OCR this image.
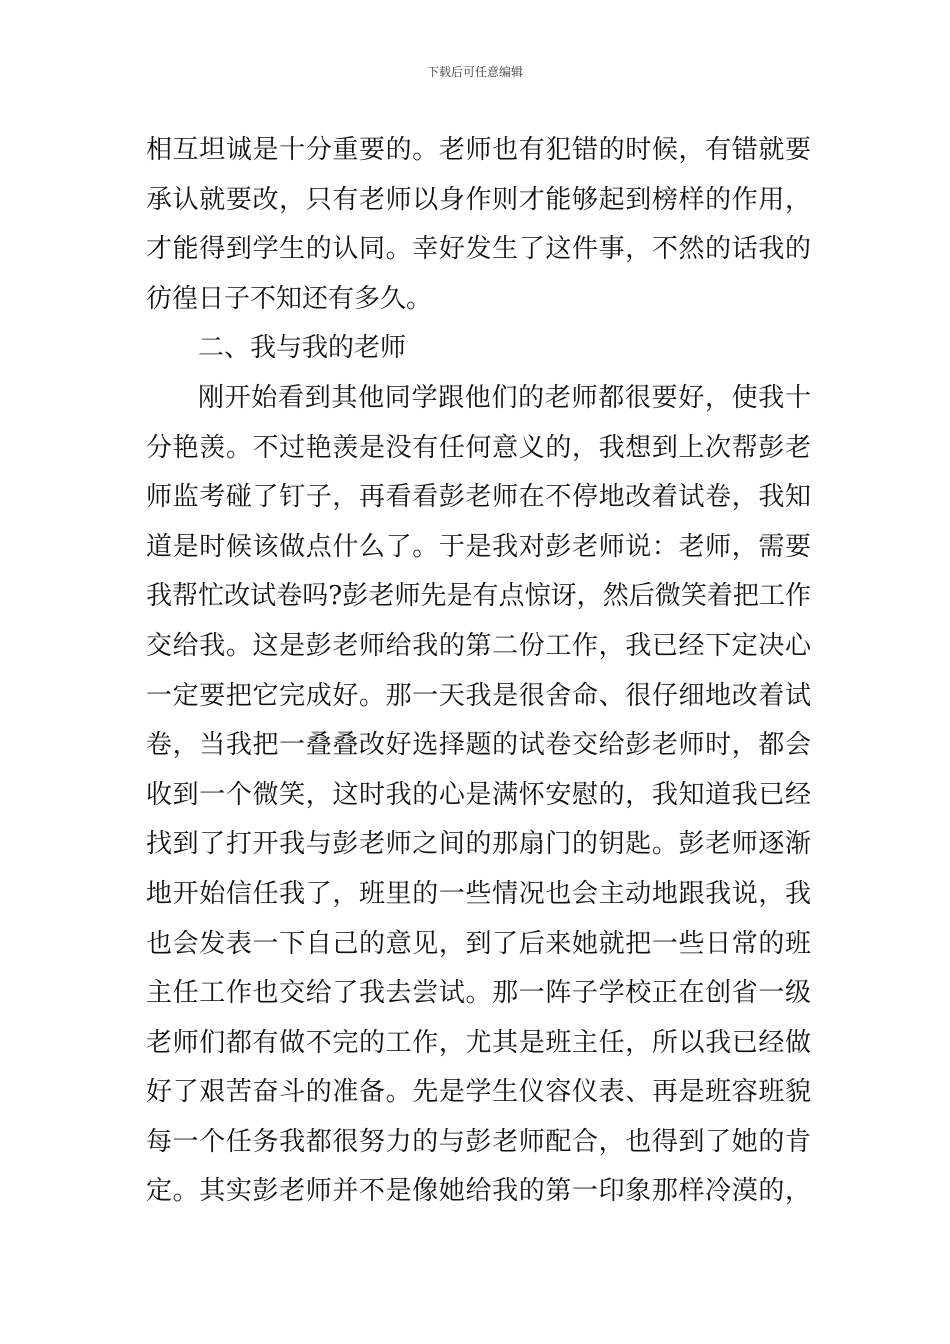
下载后可任意编辑
相互坦诚是十分重要的。老师也有犯错的时候，有错就要
承认就要改，只有老师以身作则才能够起到榜样的作用，
才能得到学生的认同。幸好发生了这件事，不然的话我的
彷徨日子不知还有多久。
二、我与我的老师
刚开始看到其他同学跟他们的老师都很要好，使我十
分艳羡。不过艳羡是没有任何意义的，我想到上次帮彭老
师监考碰了钉子，再看看彭老师在不停地改着试卷，我知
道是时候该做点什么了。于是我对彭老师说：老师，需要
我帮忙改试卷吗?彭老师先是有点惊讶，然后微笑着把工作
交给我。这是彭老师给我的第二份工作，我已经下定决心
一定要把它完成好。那一天我是很舍命、很仔细地改着试
卷，当我把一叠叠改好选择题的试卷交给彭老师时，都会
收到一个微笑，这时我的心是满怀安慰的，我知道我已经
找到了打开我与彭老师之间的那扇门的钥匙。彭老师逐渐
地开始信任我了，班里的一些情况也会主动地跟我说，我
也会发表一下自己的意见，到了后来她就把一些日常的班
主任工作也交给了我去尝试。那一阵子学校正在创省一级
老师们都有做不完的工作，尤其是班主任，所以我已经做
好了艰苦奋斗的准备。先是学生仪容仪表、再是班容班貌
每一个任务我都很努力的与彭老师配合，也得到了她的肯
定。其实彭老师并不是像她给我的第一印象那样冷漠的，
